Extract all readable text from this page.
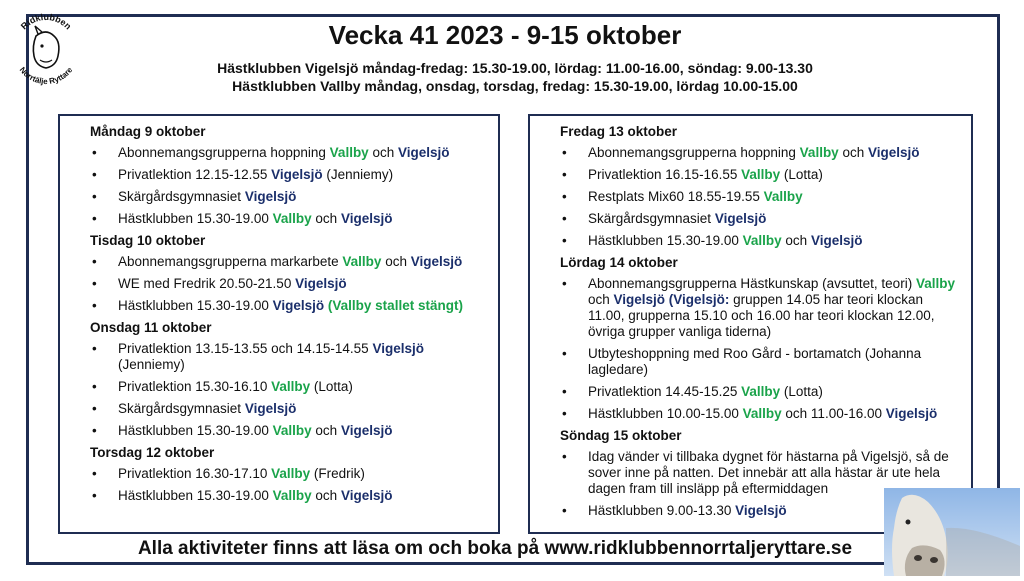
Ridklubben
Norrtälje Ryttare
Vecka 41 2023 - 9-15 oktober
Hästklubben Vigelsjö måndag-fredag: 15.30-19.00, lördag: 11.00-16.00, söndag: 9.00-13.30
Hästklubben Vallby måndag, onsdag, torsdag, fredag: 15.30-19.00, lördag 10.00-15.00
Måndag 9 oktober
• Abonnemangsgrupperna hoppning Vallby och Vigelsjö
• Privatlektion 12.15-12.55 Vigelsjö (Jenniemy)
• Skärgårdsgymnasiet Vigelsjö
• Hästklubben 15.30-19.00 Vallby och Vigelsjö
Tisdag 10 oktober
• Abonnemangsgrupperna markarbete Vallby och Vigelsjö
• WE med Fredrik 20.50-21.50 Vigelsjö
• Hästklubben 15.30-19.00 Vigelsjö (Vallby stallet stängt)
Onsdag 11 oktober
• Privatlektion 13.15-13.55 och 14.15-14.55 Vigelsjö (Jenniemy)
• Privatlektion 15.30-16.10 Vallby (Lotta)
• Skärgårdsgymnasiet Vigelsjö
• Hästklubben 15.30-19.00 Vallby och Vigelsjö
Torsdag 12 oktober
• Privatlektion 16.30-17.10 Vallby (Fredrik)
• Hästklubben 15.30-19.00 Vallby och Vigelsjö
Fredag 13 oktober
• Abonnemangsgrupperna hoppning Vallby och Vigelsjö
• Privatlektion 16.15-16.55 Vallby (Lotta)
• Restplats Mix60 18.55-19.55 Vallby
• Skärgårdsgymnasiet Vigelsjö
• Hästklubben 15.30-19.00 Vallby och Vigelsjö
Lördag 14 oktober
• Abonnemangsgrupperna Hästkunskap (avsuttet, teori) Vallby och Vigelsjö (Vigelsjö: gruppen 14.05 har teori klockan 11.00, grupperna 15.10 och 16.00 har teori klockan 12.00, övriga grupper vanliga tiderna)
• Utbyteshoppning med Roo Gård - bortamatch (Johanna lagledare)
• Privatlektion 14.45-15.25 Vallby (Lotta)
• Hästklubben 10.00-15.00 Vallby och 11.00-16.00 Vigelsjö
Söndag 15 oktober
• Idag vänder vi tillbaka dygnet för hästarna på Vigelsjö, så de sover inne på natten. Det innebär att alla hästar är ute hela dagen fram till insläpp på eftermiddagen
• Hästklubben 9.00-13.30 Vigelsjö
Alla aktiviteter finns att läsa om och boka på www.ridklubbennorrtaljeryttare.se
